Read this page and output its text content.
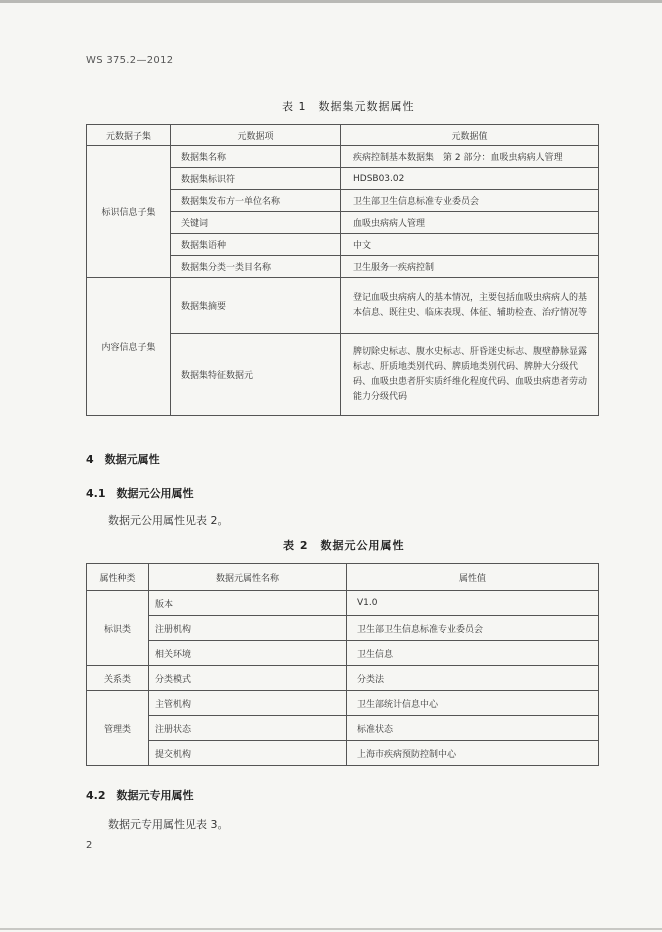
WS 375.2—2012
表 1　数据集元数据属性
元数据子集	元数据项	元数据值
标识信息子集	数据集名称	疾病控制基本数据集　第 2 部分：血吸虫病病人管理
	数据集标识符	HDSB03.02
	数据集发布方一单位名称	卫生部卫生信息标准专业委员会
	关键词	血吸虫病病人管理
	数据集语种	中文
	数据集分类一类目名称	卫生服务一疾病控制
内容信息子集	数据集摘要	登记血吸虫病病人的基本情况，主要包括血吸虫病病人的基本信息、既往史、临床表现、体征、辅助检查、治疗情况等
	数据集特征数据元	脾切除史标志、腹水史标志、肝昏迷史标志、腹壁静脉显露标志、肝质地类别代码、脾质地类别代码、脾肿大分级代码、血吸虫患者肝实质纤维化程度代码、血吸虫病患者劳动能力分级代码
4　数据元属性
4.1　数据元公用属性
数据元公用属性见表 2。
表 2　数据元公用属性
属性种类	数据元属性名称	属性值
标识类	版本	V1.0
	注册机构	卫生部卫生信息标准专业委员会
	相关环境	卫生信息
关系类	分类模式	分类法
管理类	主管机构	卫生部统计信息中心
	注册状态	标准状态
	提交机构	上海市疾病预防控制中心
4.2　数据元专用属性
数据元专用属性见表 3。
2
